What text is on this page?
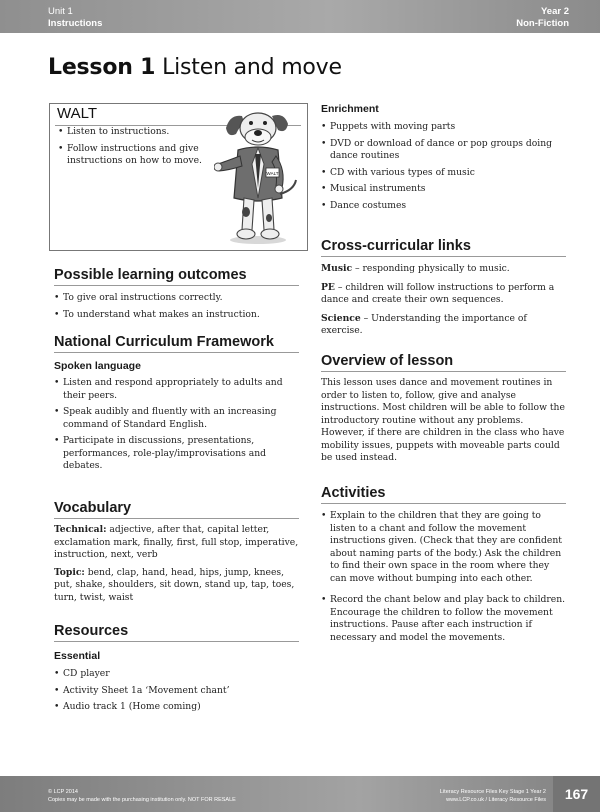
Unit 1
Instructions
Year 2
Non-Fiction
Lesson 1 Listen and move
WALT
• Listen to instructions.
• Follow instructions and give instructions on how to move.
WALT
Possible learning outcomes
• To give oral instructions correctly.
• To understand what makes an instruction.
National Curriculum Framework
Spoken language
• Listen and respond appropriately to adults and their peers.
• Speak audibly and fluently with an increasing command of Standard English.
• Participate in discussions, presentations, performances, role-play/improvisations and debates.
Vocabulary

Technical: adjective, after that, capital letter, exclamation mark, finally, first, full stop, imperative, instruction, next, verb

Topic: bend, clap, hand, head, hips, jump, knees, put, shake, shoulders, sit down, stand up, tap, toes, turn, twist, waist

Resources
Essential
• CD player
• Activity Sheet 1a ‘Movement chant’
• Audio track 1 (Home coming)
Enrichment
• Puppets with moving parts
• DVD or download of dance or pop groups doing dance routines
• CD with various types of music
• Musical instruments
• Dance costumes
Cross-curricular links

Music – responding physically to music.

PE – children will follow instructions to perform a dance and create their own sequences.

Science – Understanding the importance of exercise.

Overview of lesson

This lesson uses dance and movement routines in order to listen to, follow, give and analyse instructions. Most children will be able to follow the introductory routine without any problems. However, if there are children in the class who have mobility issues, puppets with moveable parts could be used instead.

Activities
• Explain to the children that they are going to listen to a chant and follow the movement instructions given. (Check that they are confident about naming parts of the body.) Ask the children to find their own space in the room where they can move without bumping into each other.
• Record the chant below and play back to children. Encourage the children to follow the movement instructions. Pause after each instruction if necessary and model the movements.
© LCP 2014
Copies may be made with the purchasing institution only. NOT FOR RESALE
Literacy Resource Files Key Stage 1 Year 2
www.LCP.co.uk / Literacy Resource Files	167
